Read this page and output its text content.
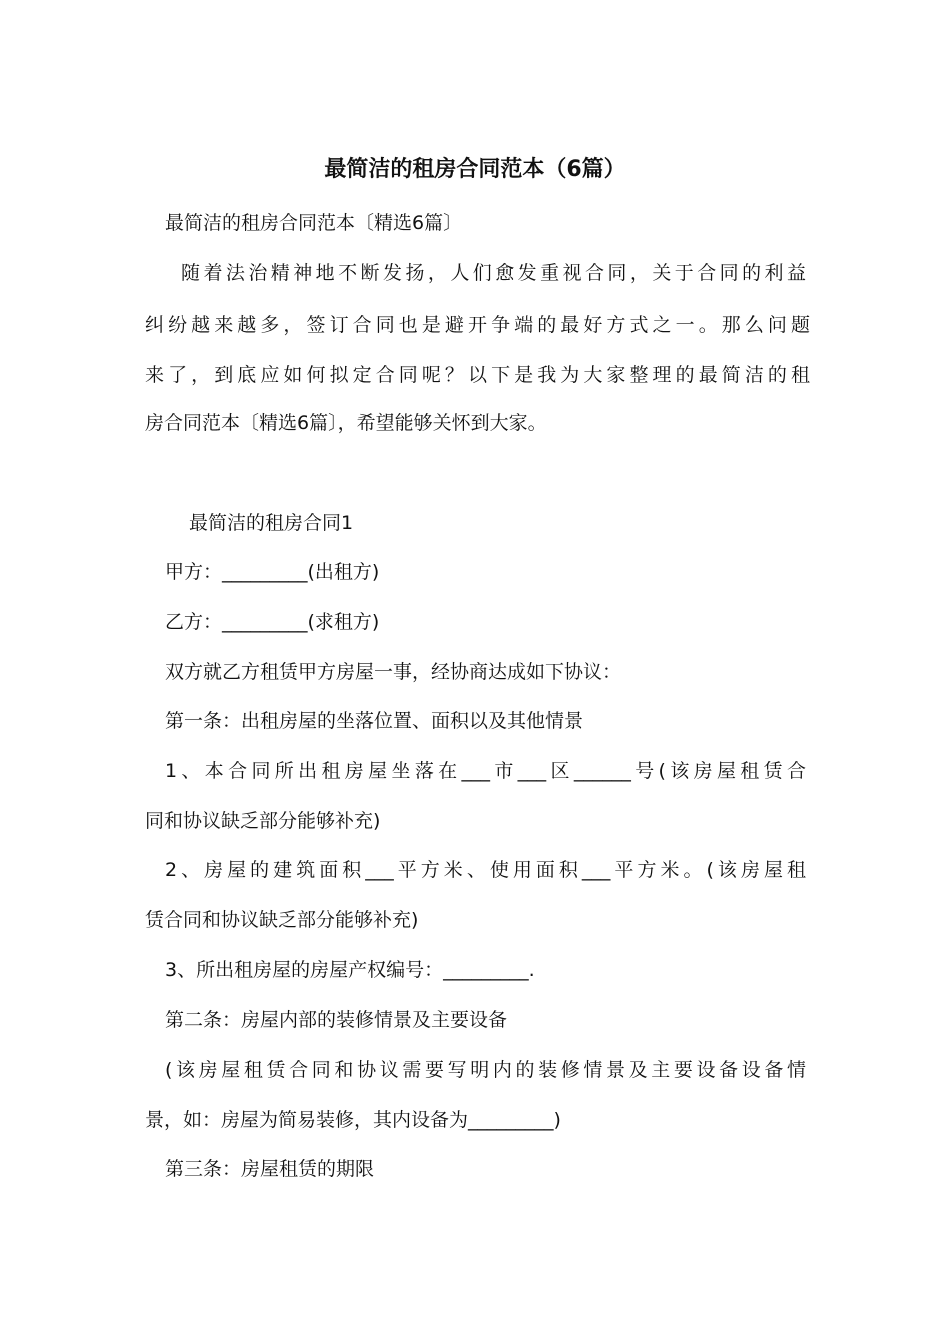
最简洁的租房合同范本（6篇）
最简洁的租房合同范本〔精选6篇〕
随着法治精神地不断发扬，人们愈发重视合同，关于合同的利益
纠纷越来越多，签订合同也是避开争端的最好方式之一。那么问题
来了，到底应如何拟定合同呢？以下是我为大家整理的最简洁的租
房合同范本〔精选6篇〕，希望能够关怀到大家。
最简洁的租房合同1
甲方：_________(出租方)
乙方：_________(求租方)
双方就乙方租赁甲方房屋一事，经协商达成如下协议：
第一条：出租房屋的坐落位置、面积以及其他情景
1、本合同所出租房屋坐落在___市___区______号(该房屋租赁合
同和协议缺乏部分能够补充)
2、房屋的建筑面积___平方米、使用面积___平方米。(该房屋租
赁合同和协议缺乏部分能够补充)
3、所出租房屋的房屋产权编号：_________.
第二条：房屋内部的装修情景及主要设备
(该房屋租赁合同和协议需要写明内的装修情景及主要设备设备情
景，如：房屋为简易装修，其内设备为_________)
第三条：房屋租赁的期限
